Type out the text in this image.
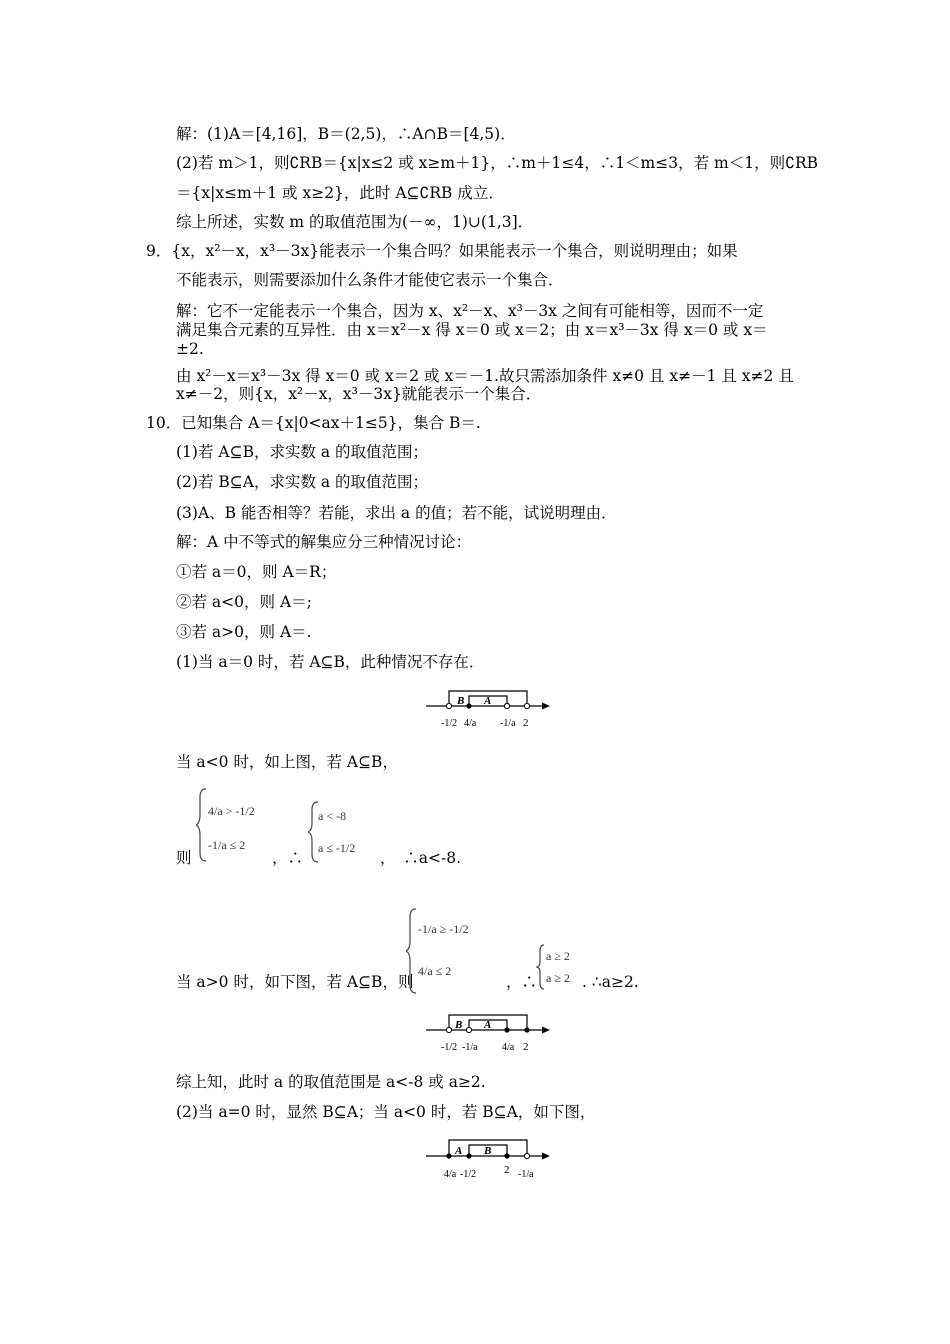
解：(1)A＝[4,16]，B＝(2,5)，∴A∩B＝[4,5)．
(2)若 m＞1，则∁RB＝{x|x≤2 或 x≥m＋1}，∴m＋1≤4，∴1＜m≤3，若 m＜1，则∁RB
＝{x|x≤m＋1 或 x≥2}，此时 A⊆∁RB 成立．
综上所述，实数 m 的取值范围为(－∞，1)∪(1,3]．
9．{x，x²－x，x³－3x}能表示一个集合吗？如果能表示一个集合，则说明理由；如果
不能表示，则需要添加什么条件才能使它表示一个集合．
解：它不一定能表示一个集合，因为 x、x²－x、x³－3x 之间有可能相等，因而不一定
满足集合元素的互异性．由 x＝x²－x 得 x＝0 或 x＝2；由 x＝x³－3x 得 x＝0 或 x＝
±2.
由 x²－x＝x³－3x 得 x＝0 或 x＝2 或 x＝－1.故只需添加条件 x≠0 且 x≠－1 且 x≠2 且
x≠－2，则{x，x²－x，x³－3x}就能表示一个集合．
10．已知集合 A＝{x|0<ax＋1≤5}，集合 B＝.
(1)若 A⊆B，求实数 a 的取值范围；
(2)若 B⊆A，求实数 a 的取值范围；
(3)A、B 能否相等？若能，求出 a 的值；若不能，试说明理由．
解：A 中不等式的解集应分三种情况讨论：
①若 a＝0，则 A＝R；
②若 a<0，则 A＝;
③若 a>0，则 A＝.
(1)当 a＝0 时，若 A⊆B，此种情况不存在．
B A
-1/2 4/a -1/a 2
当 a<0 时，如上图，若 A⊆B，
则
4/a > -1/2
-1/a ≤ 2
，∴
a < -8
a ≤ -1/2
，　∴a<-8.
当 a>0 时，如下图，若 A⊆B，则
-1/a ≥ -1/2
4/a ≤ 2
，∴
a ≥ 2
a ≥ 2 . ∴a≥2.
B A
-1/2 -1/a 4/a 2
综上知，此时 a 的取值范围是 a<-8 或 a≥2.
(2)当 a=0 时，显然 B⊆A；当 a<0 时，若 B⊆A，如下图，
A B
4/a -1/2	2 -1/a
